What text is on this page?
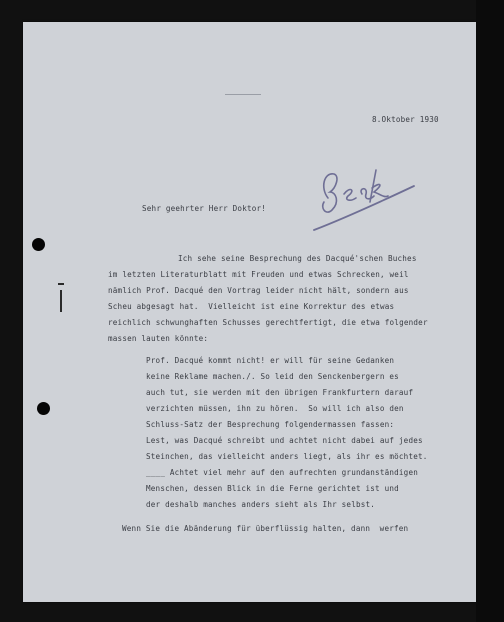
8.Oktober 1930
Sehr geehrter Herr Doktor!
Ich sehe seine Besprechung des Dacqué'schen Buches
im letzten Literaturblatt mit Freuden und etwas Schrecken, weil
nämlich Prof. Dacqué den Vortrag leider nicht hält, sondern aus
Scheu abgesagt hat.  Vielleicht ist eine Korrektur des etwas
reichlich schwunghaften Schusses gerechtfertigt, die etwa folgender
massen lauten könnte:
Prof. Dacqué kommt nicht! er will für seine Gedanken
keine Reklame machen./. So leid den Senckenbergern es
auch tut, sie werden mit den übrigen Frankfurtern darauf
verzichten müssen, ihn zu hören.  So will ich also den
Schluss-Satz der Besprechung folgendermassen fassen:
Lest, was Dacqué schreibt und achtet nicht dabei auf jedes
Steinchen, das vielleicht anders liegt, als ihr es möchtet.
____ Achtet viel mehr auf den aufrechten grundanständigen
Menschen, dessen Blick in die Ferne gerichtet ist und
der deshalb manches anders sieht als Ihr selbst.
Wenn Sie die Abänderung für überflüssig halten, dann  werfen
